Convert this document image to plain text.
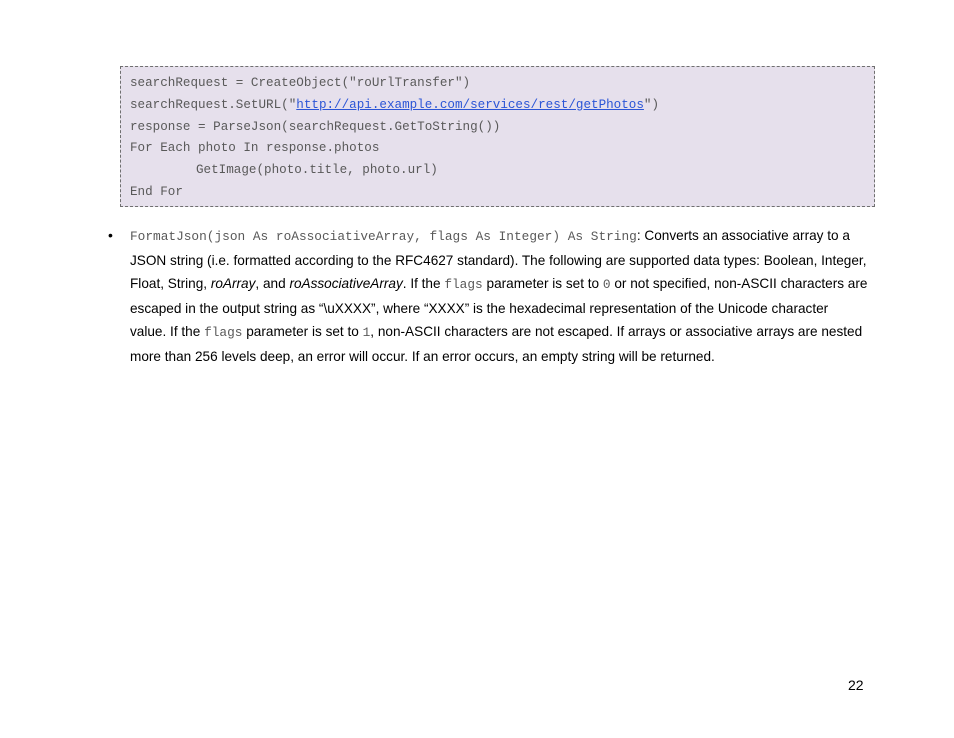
searchRequest = CreateObject("roUrlTransfer")
searchRequest.SetURL("http://api.example.com/services/rest/getPhotos")
response = ParseJson(searchRequest.GetToString())
For Each photo In response.photos
GetImage(photo.title, photo.url)
End For
• FormatJson(json As roAssociativeArray, flags As Integer) As String: Converts an associative array to a JSON string (i.e. formatted according to the RFC4627 standard). The following are supported data types: Boolean, Integer, Float, String, roArray, and roAssociativeArray. If the flags parameter is set to 0 or not specified, non-ASCII characters are escaped in the output string as “\uXXXX”, where “XXXX” is the hexadecimal representation of the Unicode character value. If the flags parameter is set to 1, non-ASCII characters are not escaped. If arrays or associative arrays are nested more than 256 levels deep, an error will occur. If an error occurs, an empty string will be returned.
22
